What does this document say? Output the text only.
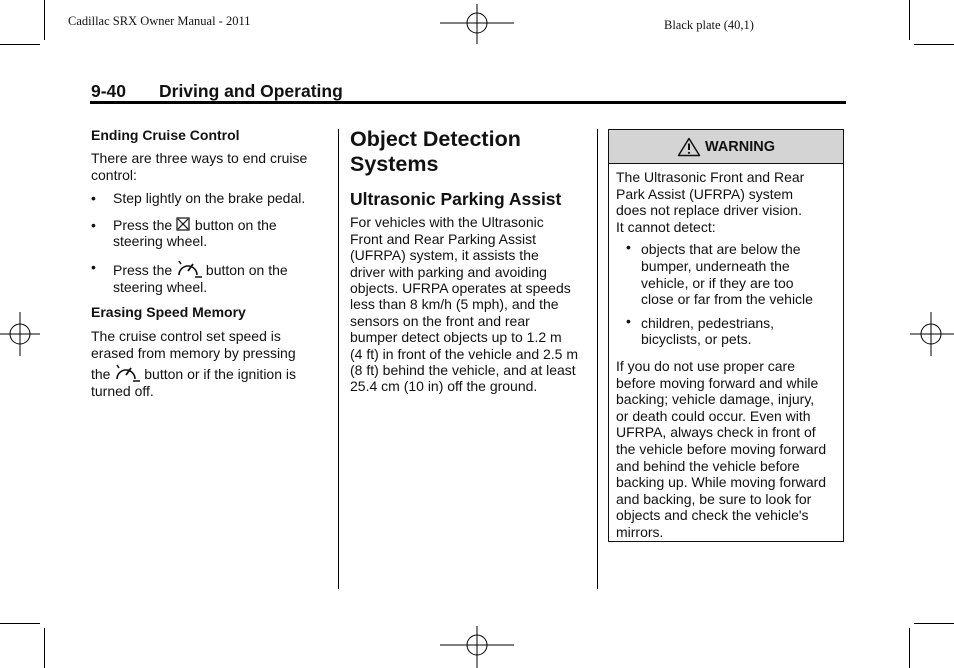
Cadillac SRX Owner Manual - 2011	Black plate (40,1)
9-40 Driving and Operating

Ending Cruise Control

There are three ways to end cruise control:

• Step lightly on the brake pedal.
• Press the  button on the
steering wheel.
• Press the  button on the
steering wheel.

Erasing Speed Memory

The cruise control set speed is

erased from memory by pressing

the  button or if the ignition is

turned off.

Object Detection
Systems
Ultrasonic Parking Assist

For vehicles with the Ultrasonic

Front and Rear Parking Assist

(UFRPA) system, it assists the

driver with parking and avoiding

objects. UFRPA operates at speeds

less than 8 km/h (5 mph), and the

sensors on the front and rear

bumper detect objects up to 1.2 m

(4 ft) in front of the vehicle and 2.5 m

(8 ft) behind the vehicle, and at least

25.4 cm (10 in) off the ground.

WARNING

The Ultrasonic Front and Rear

Park Assist (UFRPA) system

does not replace driver vision.

It cannot detect:

• objects that are below the
bumper, underneath the
vehicle, or if they are too
close or far from the vehicle
• children, pedestrians,
bicyclists, or pets.

If you do not use proper care

before moving forward and while

backing; vehicle damage, injury,

or death could occur. Even with

UFRPA, always check in front of

the vehicle before moving forward

and behind the vehicle before

backing up. While moving forward

and backing, be sure to look for

objects and check the vehicle's

mirrors.
